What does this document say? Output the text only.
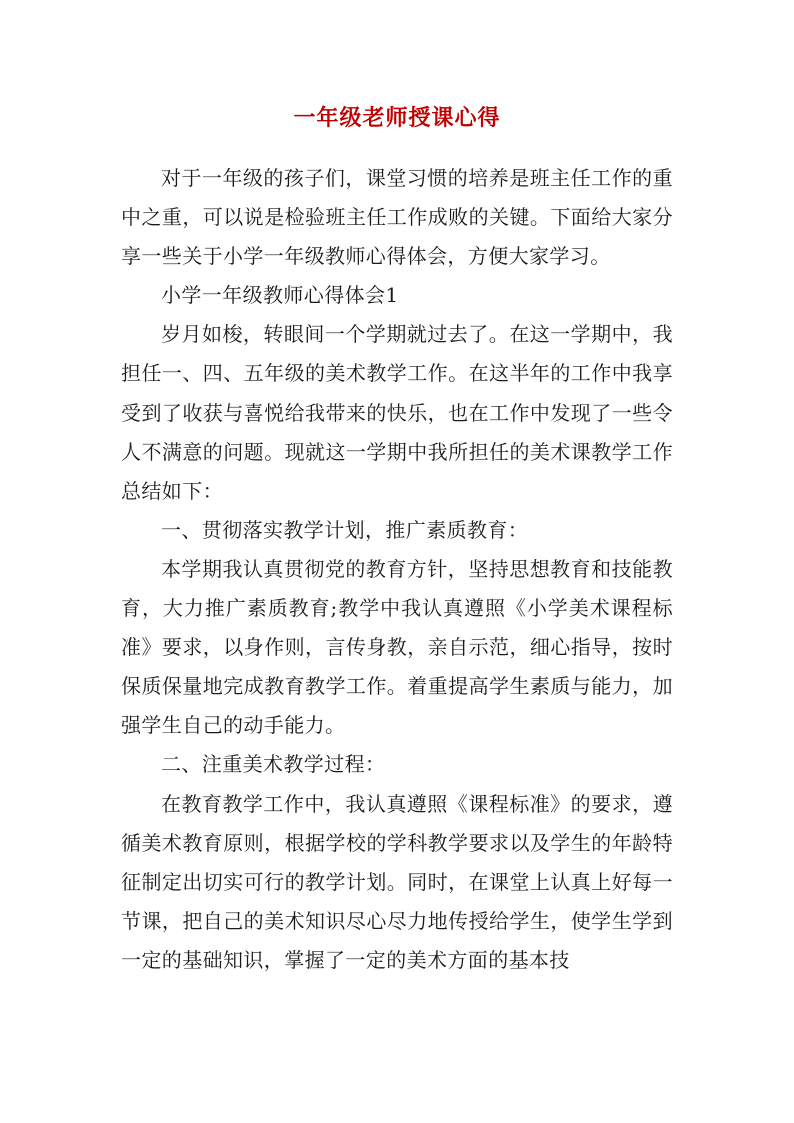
一年级老师授课心得

对于一年级的孩子们，课堂习惯的培养是班主任工作的重中之重，可以说是检验班主任工作成败的关键。下面给大家分享一些关于小学一年级教师心得体会，方便大家学习。

小学一年级教师心得体会1

岁月如梭，转眼间一个学期就过去了。在这一学期中，我担任一、四、五年级的美术教学工作。在这半年的工作中我享受到了收获与喜悦给我带来的快乐，也在工作中发现了一些令人不满意的问题。现就这一学期中我所担任的美术课教学工作总结如下：

一、贯彻落实教学计划，推广素质教育：

本学期我认真贯彻党的教育方针，坚持思想教育和技能教育，大力推广素质教育;教学中我认真遵照《小学美术课程标准》要求，以身作则，言传身教，亲自示范，细心指导，按时保质保量地完成教育教学工作。着重提高学生素质与能力，加强学生自己的动手能力。

二、注重美术教学过程：

在教育教学工作中，我认真遵照《课程标准》的要求，遵循美术教育原则，根据学校的学科教学要求以及学生的年龄特征制定出切实可行的教学计划。同时，在课堂上认真上好每一节课，把自己的美术知识尽心尽力地传授给学生，使学生学到一定的基础知识，掌握了一定的美术方面的基本技
